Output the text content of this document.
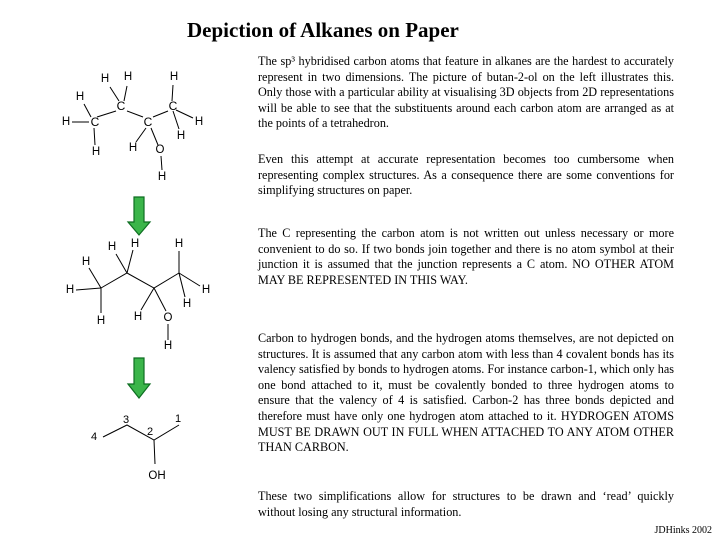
Depiction of Alkanes on Paper
The sp³ hybridised carbon atoms that feature in alkanes are the hardest to accurately represent in two dimensions. The picture of butan-2-ol on the left illustrates this. Only those with a particular ability at visualising 3D objects from 2D representations will be able to see that the substituents around each carbon atom are arranged as at the points of a tetrahedron.
Even this attempt at accurate representation becomes too cumbersome when representing complex structures. As a consequence there are some conventions for simplifying structures on paper.
The C representing the carbon atom is not written out unless necessary or more convenient to do so. If two bonds join together and there is no atom symbol at their junction it is assumed that the junction represents a C atom. NO OTHER ATOM MAY BE REPRESENTED IN THIS WAY.
Carbon to hydrogen bonds, and the hydrogen atoms themselves, are not depicted on structures. It is assumed that any carbon atom with less than 4 covalent bonds has its valency satisfied by bonds to hydrogen atoms. For instance carbon-1, which only has one bond attached to it, must be covalently bonded to three hydrogen atoms to ensure that the valency of 4 is satisfied. Carbon-2 has three bonds depicted and therefore must have only one hydrogen atom attached to it. HYDROGEN ATOMS MUST BE DRAWN OUT IN FULL WHEN ATTACHED TO ANY ATOM OTHER THAN CARBON.
These two simplifications allow for structures to be drawn and ‘read’ quickly without losing any structural information.
JDHinks 2002
C
C
C
C
H
H
H
H H
H
H
H
H
H
O
H
H
H
H H
H
H
H
H
H
O
4
3
2
1
OH
